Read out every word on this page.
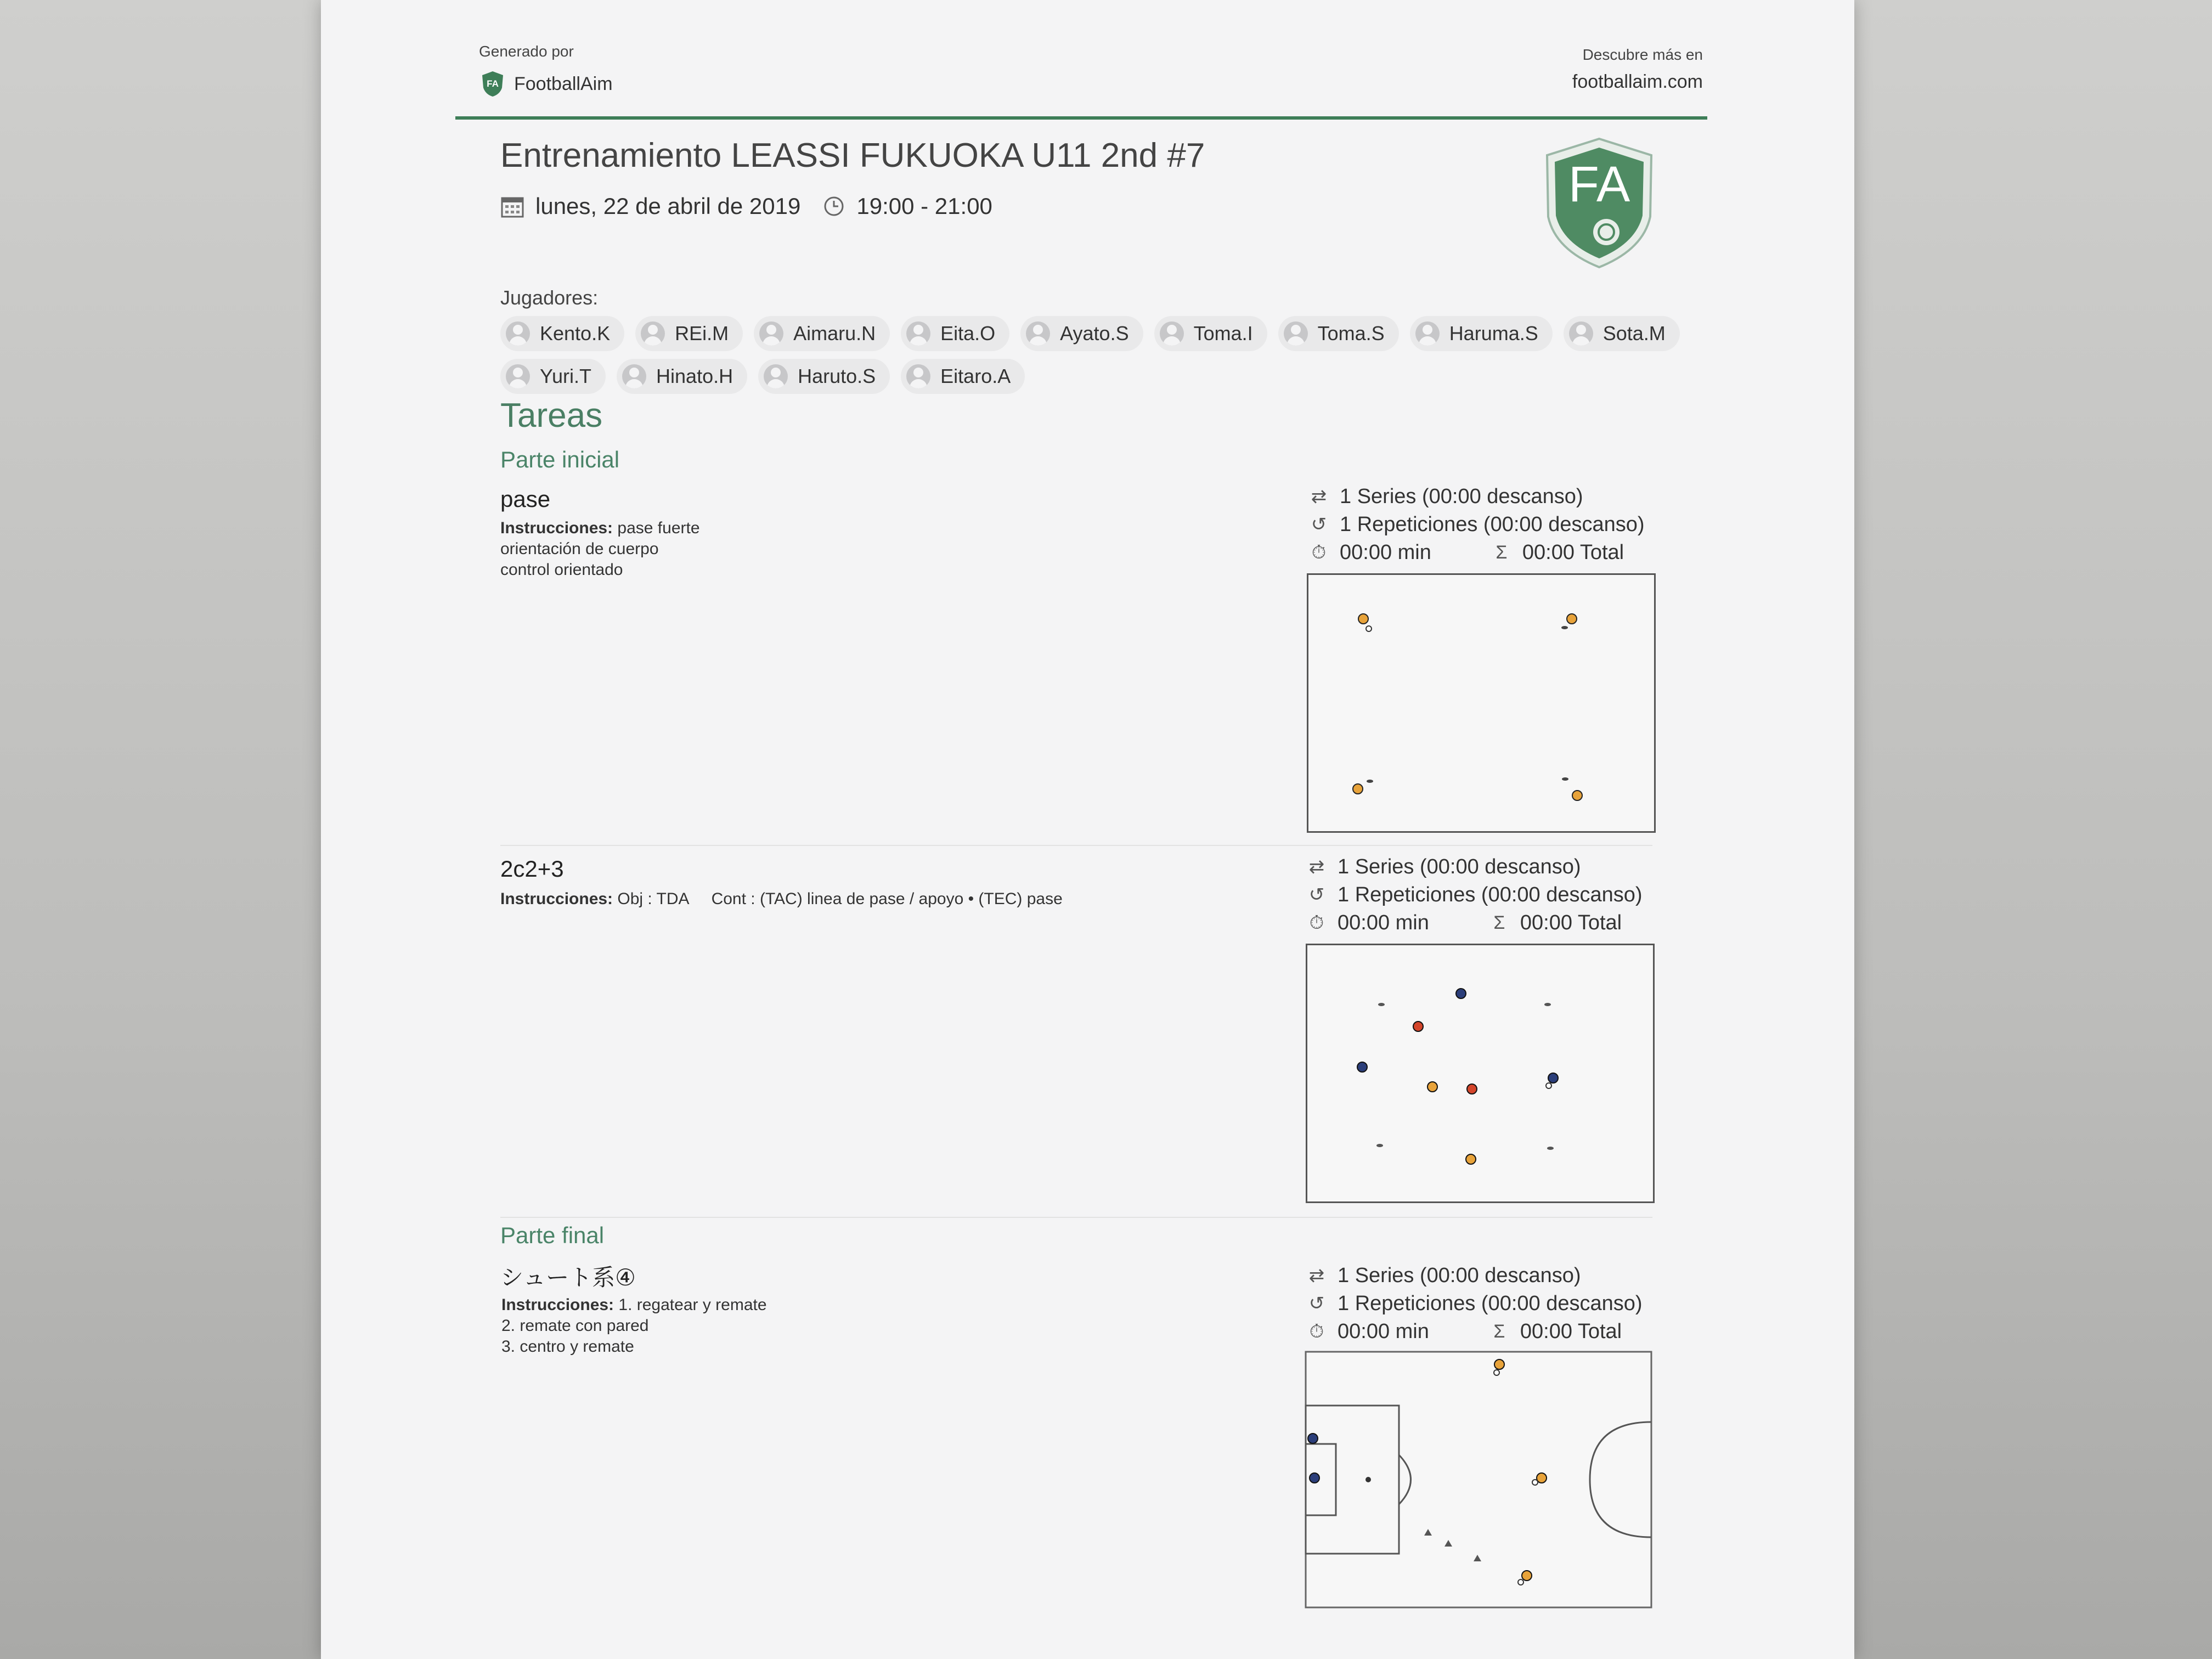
Generado por
FA FootballAim
Descubre más en
footballaim.com
Entrenamiento LEASSI FUKUOKA U11 2nd #7
lunes, 22 de abril de 2019 19:00 - 21:00	FA
Jugadores:
Kento.K	REi.M	Aimaru.N	Eita.O	Ayato.S	Toma.I	Toma.S	Haruma.S	Sota.M
Yuri.T	Hinato.H	Haruto.S	Eitaro.A
Tareas
Parte inicial
pase
Instrucciones: pase fuerte
orientación de cuerpo
control orientado
⇄ 1 Series (00:00 descanso)
↺ 1 Repeticiones (00:00 descanso)
⏱ 00:00 min	Σ 00:00 Total
2c2+3
Instrucciones: Obj : TDA     Cont : (TAC) linea de pase / apoyo • (TEC) pase
⇄ 1 Series (00:00 descanso)
↺ 1 Repeticiones (00:00 descanso)
⏱ 00:00 min	Σ 00:00 Total
Parte final
シュート系④
Instrucciones: 1. regatear y remate
2. remate con pared
3. centro y remate
⇄ 1 Series (00:00 descanso)
↺ 1 Repeticiones (00:00 descanso)
⏱ 00:00 min	Σ 00:00 Total
